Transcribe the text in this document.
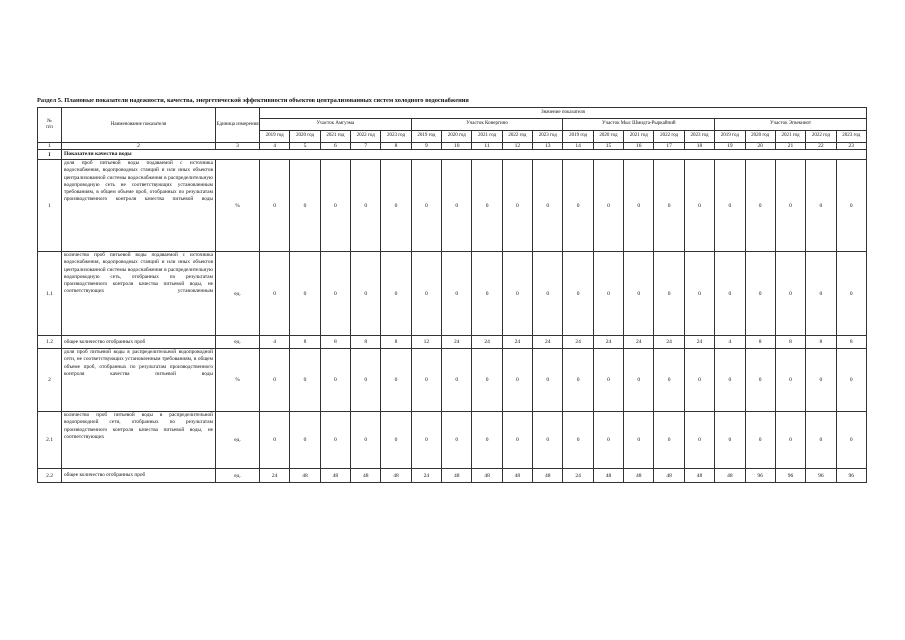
Раздел 5. Плановые показатели надежности, качества, энергетической эффективности объектов централизованных систем холодного водоснабжения
№
п/п	Наименование показателя	Единица измерения	Значение показателя																			
			Участок Амгуэма					Участок Конергино					Участок Мыс Шмидта-Рыркайпий					Участок Эгвекинот				
			2019 год	2020 год	2021 год	2022 год	2023 год	2019 год	2020 год	2021 год	2022 год	2023 год	2019 год	2020 год	2021 год	2022 год	2023 год	2019 год	2020 год	2021 год	2022 год	2023 год
1	2	3	4	5	6	7	8	9	10	11	12	13	14	15	16	17	18	19	20	21	22	23
I	Показатели качества воды																					
1	доля проб питьевой воды подаваемой с источника водоснабжения, водопроводных станций и или иных объектов централизованной системы водоснабжения в распределительную водопроводную сеть не соответствующих установленным требованиям, в общем объеме проб, отобранных по результатам производственного контроля качества питьевой воды	%	0	0	0	0	0	0	0	0	0	0	0	0	0	0	0	0	0	0	0	0
1.1	количество проб питьевой воды подаваемой с источника водоснабжения, водопроводных станций и или иных объектов централизованной системы водоснабжения в распределительную водопроводную сеть, отобранных по результатам производственного контроля качества питьевой воды, не соответствующих установленным	ед.	0	0	0	0	0	0	0	0	0	0	0	0	0	0	0	0	0	0	0	0
1.2	общее количество отобранных проб	ед.	4	8	8	8	8	12	24	24	24	24	24	24	24	24	24	4	8	8	8	8
2	доля проб питьевой воды в распределительной водопроводной сети, не соответствующих установленным требованиям, в общем объеме проб, отобранных по результатам производственного контроля качества питьевой воды	%	0	0	0	0	0	0	0	0	0	0	0	0	0	0	0	0	0	0	0	0
2.1	количество проб питьевой воды в распределительной водопроводной сети, отобранных по результатам производственного контроля качества питьевой воды, не соответствующих	ед.	0	0	0	0	0	0	0	0	0	0	0	0	0	0	0	0	0	0	0	0
2.2	общее количество отобранных проб	ед.	24	48	48	48	48	24	48	48	48	48	24	48	48	48	48	48	96	96	96	96
